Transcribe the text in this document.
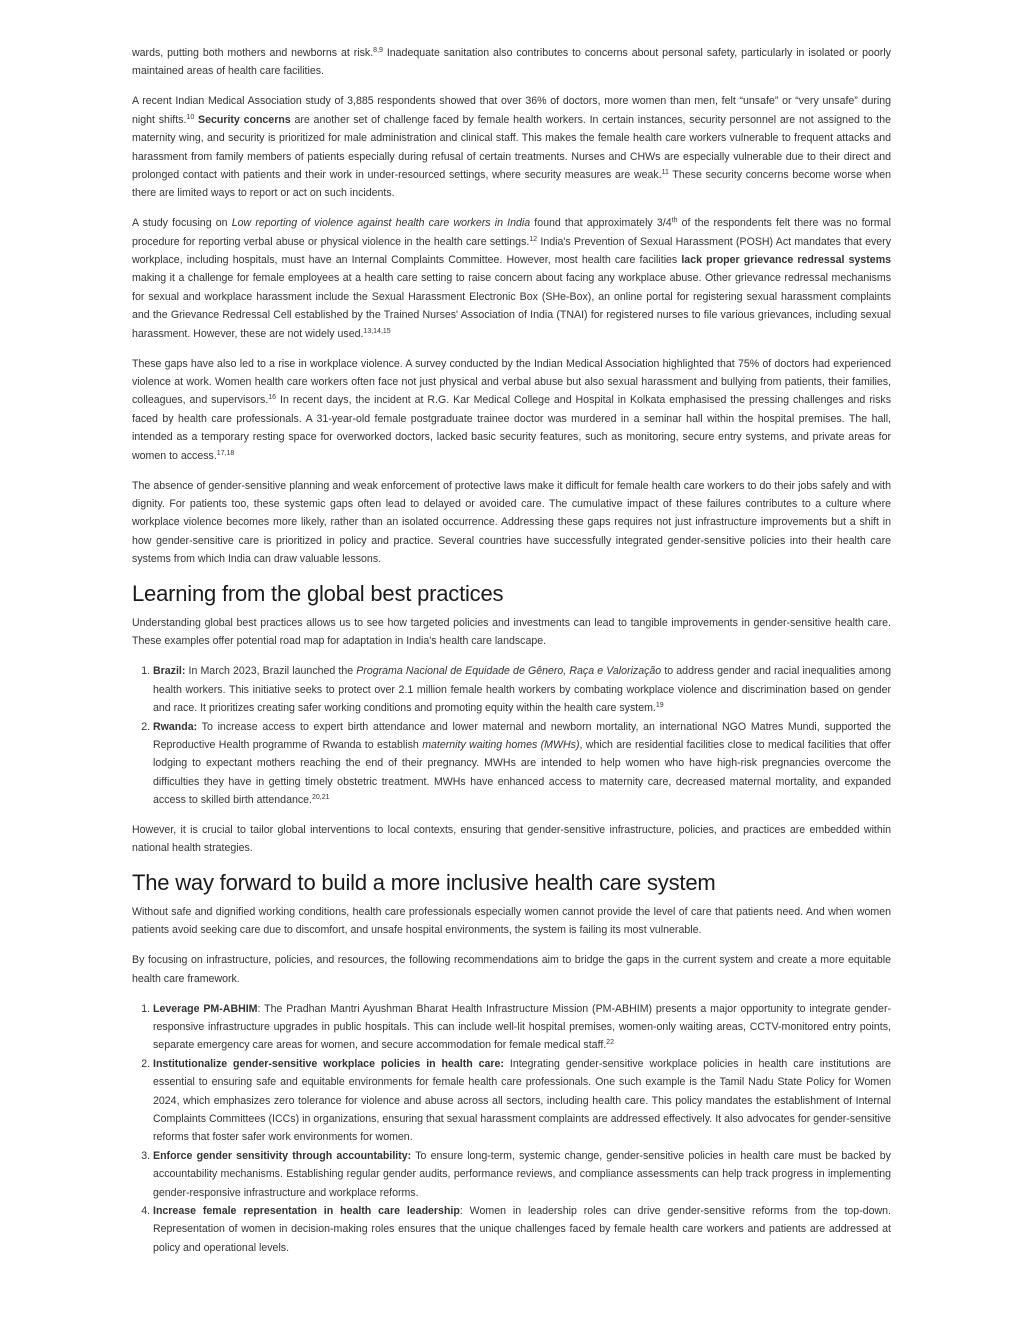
wards, putting both mothers and newborns at risk.$^{8,9}$ Inadequate sanitation also contributes to concerns about personal safety, particularly in isolated or poorly maintained areas of health care facilities.

A recent Indian Medical Association study of 3,885 respondents showed that over 36% of doctors, more women than men, felt “unsafe” or “very unsafe” during night shifts.$^{10}$ Security concerns are another set of challenge faced by female health workers. In certain instances, security personnel are not assigned to the maternity wing, and security is prioritized for male administration and clinical staff. This makes the female health care workers vulnerable to frequent attacks and harassment from family members of patients especially during refusal of certain treatments. Nurses and CHWs are especially vulnerable due to their direct and prolonged contact with patients and their work in under-resourced settings, where security measures are weak.$^{11}$ These security concerns become worse when there are limited ways to report or act on such incidents.

A study focusing on Low reporting of violence against health care workers in India found that approximately 3/4th of the respondents felt there was no formal procedure for reporting verbal abuse or physical violence in the health care settings.$^{12}$ India's Prevention of Sexual Harassment (POSH) Act mandates that every workplace, including hospitals, must have an Internal Complaints Committee. However, most health care facilities lack proper grievance redressal systems making it a challenge for female employees at a health care setting to raise concern about facing any workplace abuse. Other grievance redressal mechanisms for sexual and workplace harassment include the Sexual Harassment Electronic Box (SHe-Box), an online portal for registering sexual harassment complaints and the Grievance Redressal Cell established by the Trained Nurses' Association of India (TNAI) for registered nurses to file various grievances, including sexual harassment. However, these are not widely used.$^{13,14,15}$

These gaps have also led to a rise in workplace violence. A survey conducted by the Indian Medical Association highlighted that 75% of doctors had experienced violence at work. Women health care workers often face not just physical and verbal abuse but also sexual harassment and bullying from patients, their families, colleagues, and supervisors.$^{16}$ In recent days, the incident at R.G. Kar Medical College and Hospital in Kolkata emphasised the pressing challenges and risks faced by health care professionals. A 31-year-old female postgraduate trainee doctor was murdered in a seminar hall within the hospital premises. The hall, intended as a temporary resting space for overworked doctors, lacked basic security features, such as monitoring, secure entry systems, and private areas for women to access.$^{17,18}$

The absence of gender-sensitive planning and weak enforcement of protective laws make it difficult for female health care workers to do their jobs safely and with dignity. For patients too, these systemic gaps often lead to delayed or avoided care. The cumulative impact of these failures contributes to a culture where workplace violence becomes more likely, rather than an isolated occurrence. Addressing these gaps requires not just infrastructure improvements but a shift in how gender-sensitive care is prioritized in policy and practice. Several countries have successfully integrated gender-sensitive policies into their health care systems from which India can draw valuable lessons.

Learning from the global best practices

Understanding global best practices allows us to see how targeted policies and investments can lead to tangible improvements in gender-sensitive health care. These examples offer potential road map for adaptation in India's health care landscape.

1. Brazil: In March 2023, Brazil launched the Programa Nacional de Equidade de Gênero, Raça e Valorização to address gender and racial inequalities among health workers. This initiative seeks to protect over 2.1 million female health workers by combating workplace violence and discrimination based on gender and race. It prioritizes creating safer working conditions and promoting equity within the health care system.$^{19}$
2. Rwanda: To increase access to expert birth attendance and lower maternal and newborn mortality, an international NGO Matres Mundi, supported the Reproductive Health programme of Rwanda to establish maternity waiting homes (MWHs), which are residential facilities close to medical facilities that offer lodging to expectant mothers reaching the end of their pregnancy. MWHs are intended to help women who have high-risk pregnancies overcome the difficulties they have in getting timely obstetric treatment. MWHs have enhanced access to maternity care, decreased maternal mortality, and expanded access to skilled birth attendance.$^{20,21}$

However, it is crucial to tailor global interventions to local contexts, ensuring that gender-sensitive infrastructure, policies, and practices are embedded within national health strategies.

The way forward to build a more inclusive health care system

Without safe and dignified working conditions, health care professionals especially women cannot provide the level of care that patients need. And when women patients avoid seeking care due to discomfort, and unsafe hospital environments, the system is failing its most vulnerable.

By focusing on infrastructure, policies, and resources, the following recommendations aim to bridge the gaps in the current system and create a more equitable health care framework.

1. Leverage PM-ABHIM: The Pradhan Mantri Ayushman Bharat Health Infrastructure Mission (PM-ABHIM) presents a major opportunity to integrate gender-responsive infrastructure upgrades in public hospitals. This can include well-lit hospital premises, women-only waiting areas, CCTV-monitored entry points, separate emergency care areas for women, and secure accommodation for female medical staff.$^{22}$
2. Institutionalize gender-sensitive workplace policies in health care: Integrating gender-sensitive workplace policies in health care institutions are essential to ensuring safe and equitable environments for female health care professionals. One such example is the Tamil Nadu State Policy for Women 2024, which emphasizes zero tolerance for violence and abuse across all sectors, including health care. This policy mandates the establishment of Internal Complaints Committees (ICCs) in organizations, ensuring that sexual harassment complaints are addressed effectively. It also advocates for gender-sensitive reforms that foster safer work environments for women.
3. Enforce gender sensitivity through accountability: To ensure long-term, systemic change, gender-sensitive policies in health care must be backed by accountability mechanisms. Establishing regular gender audits, performance reviews, and compliance assessments can help track progress in implementing gender-responsive infrastructure and workplace reforms.
4. Increase female representation in health care leadership: Women in leadership roles can drive gender-sensitive reforms from the top-down. Representation of women in decision-making roles ensures that the unique challenges faced by female health care workers and patients are addressed at policy and operational levels.
